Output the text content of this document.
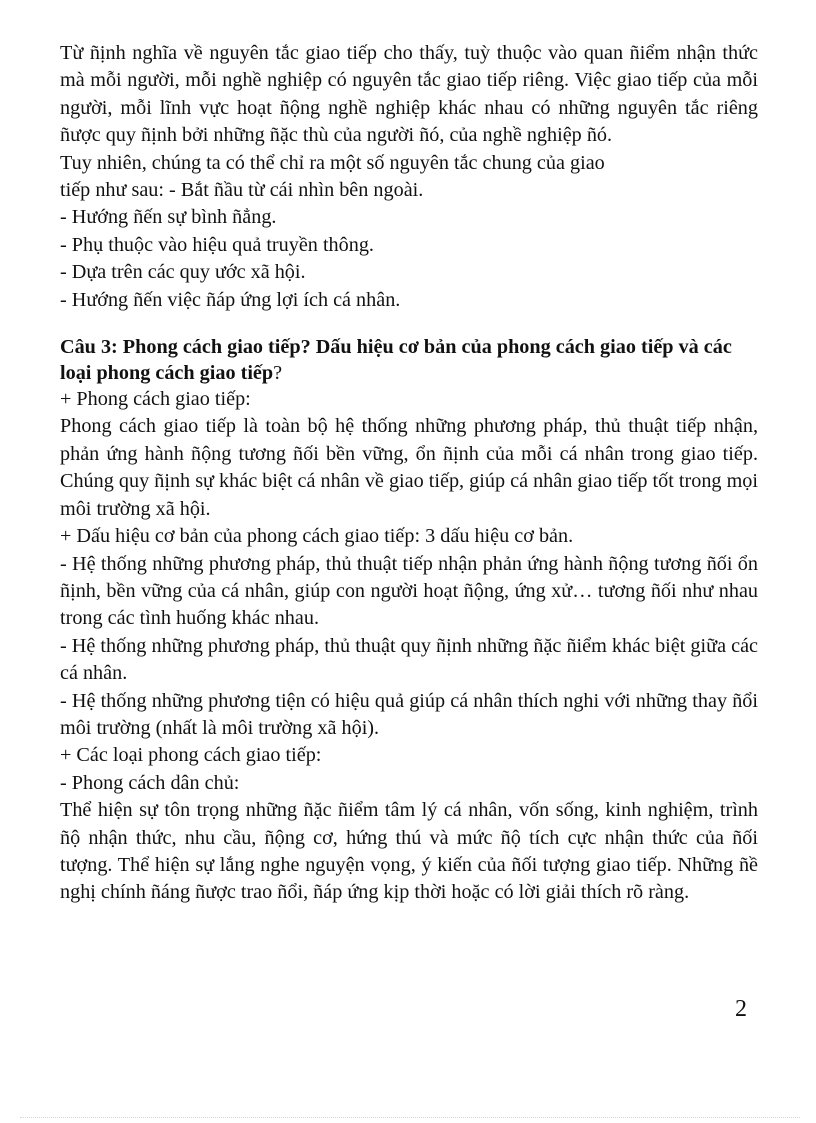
Từ ñịnh nghĩa về nguyên tắc giao tiếp cho thấy, tuỳ thuộc vào quan ñiểm nhận thức mà mỗi người, mỗi nghề nghiệp có nguyên tắc giao tiếp riêng. Việc giao tiếp của mỗi người, mỗi lĩnh vực hoạt ñộng nghề nghiệp khác nhau có những nguyên tắc riêng ñược quy ñịnh bởi những ñặc thù của người ñó, của nghề nghiệp ñó.

Tuy nhiên, chúng ta có thể chỉ ra một số nguyên tắc chung của giao

tiếp như sau: - Bắt ñầu từ cái nhìn bên ngoài.

- Hướng ñến sự bình ñẳng.

- Phụ thuộc vào hiệu quả truyền thông.

- Dựa trên các quy ước xã hội.

- Hướng ñến việc ñáp ứng lợi ích cá nhân.

Câu 3: Phong cách giao tiếp? Dấu hiệu cơ bản của phong cách giao tiếp và các loại phong cách giao tiếp?

+ Phong cách giao tiếp:

Phong cách giao tiếp là toàn bộ hệ thống những phương pháp, thủ thuật tiếp nhận, phản ứng hành ñộng tương ñối bền vững, ổn ñịnh của mỗi cá nhân trong giao tiếp. Chúng quy ñịnh sự khác biệt cá nhân về giao tiếp, giúp cá nhân giao tiếp tốt trong mọi môi trường xã hội.

+ Dấu hiệu cơ bản của phong cách giao tiếp: 3 dấu hiệu cơ bản.

- Hệ thống những phương pháp, thủ thuật tiếp nhận phản ứng hành ñộng tương ñối ổn ñịnh, bền vững của cá nhân, giúp con người hoạt ñộng, ứng xử… tương ñối như nhau trong các tình huống khác nhau.

- Hệ thống những phương pháp, thủ thuật quy ñịnh những ñặc ñiểm khác biệt giữa các cá nhân.

- Hệ thống những phương tiện có hiệu quả giúp cá nhân thích nghi với những thay ñổi môi trường (nhất là môi trường xã hội).

+ Các loại phong cách giao tiếp:

- Phong cách dân chủ:

Thể hiện sự tôn trọng những ñặc ñiểm tâm lý cá nhân, vốn sống, kinh nghiệm, trình ñộ nhận thức, nhu cầu, ñộng cơ, hứng thú và mức ñộ tích cực nhận thức của ñối tượng. Thể hiện sự lắng nghe nguyện vọng, ý kiến của ñối tượng giao tiếp. Những ñề nghị chính ñáng ñược trao ñổi, ñáp ứng kịp thời hoặc có lời giải thích rõ ràng.

2
